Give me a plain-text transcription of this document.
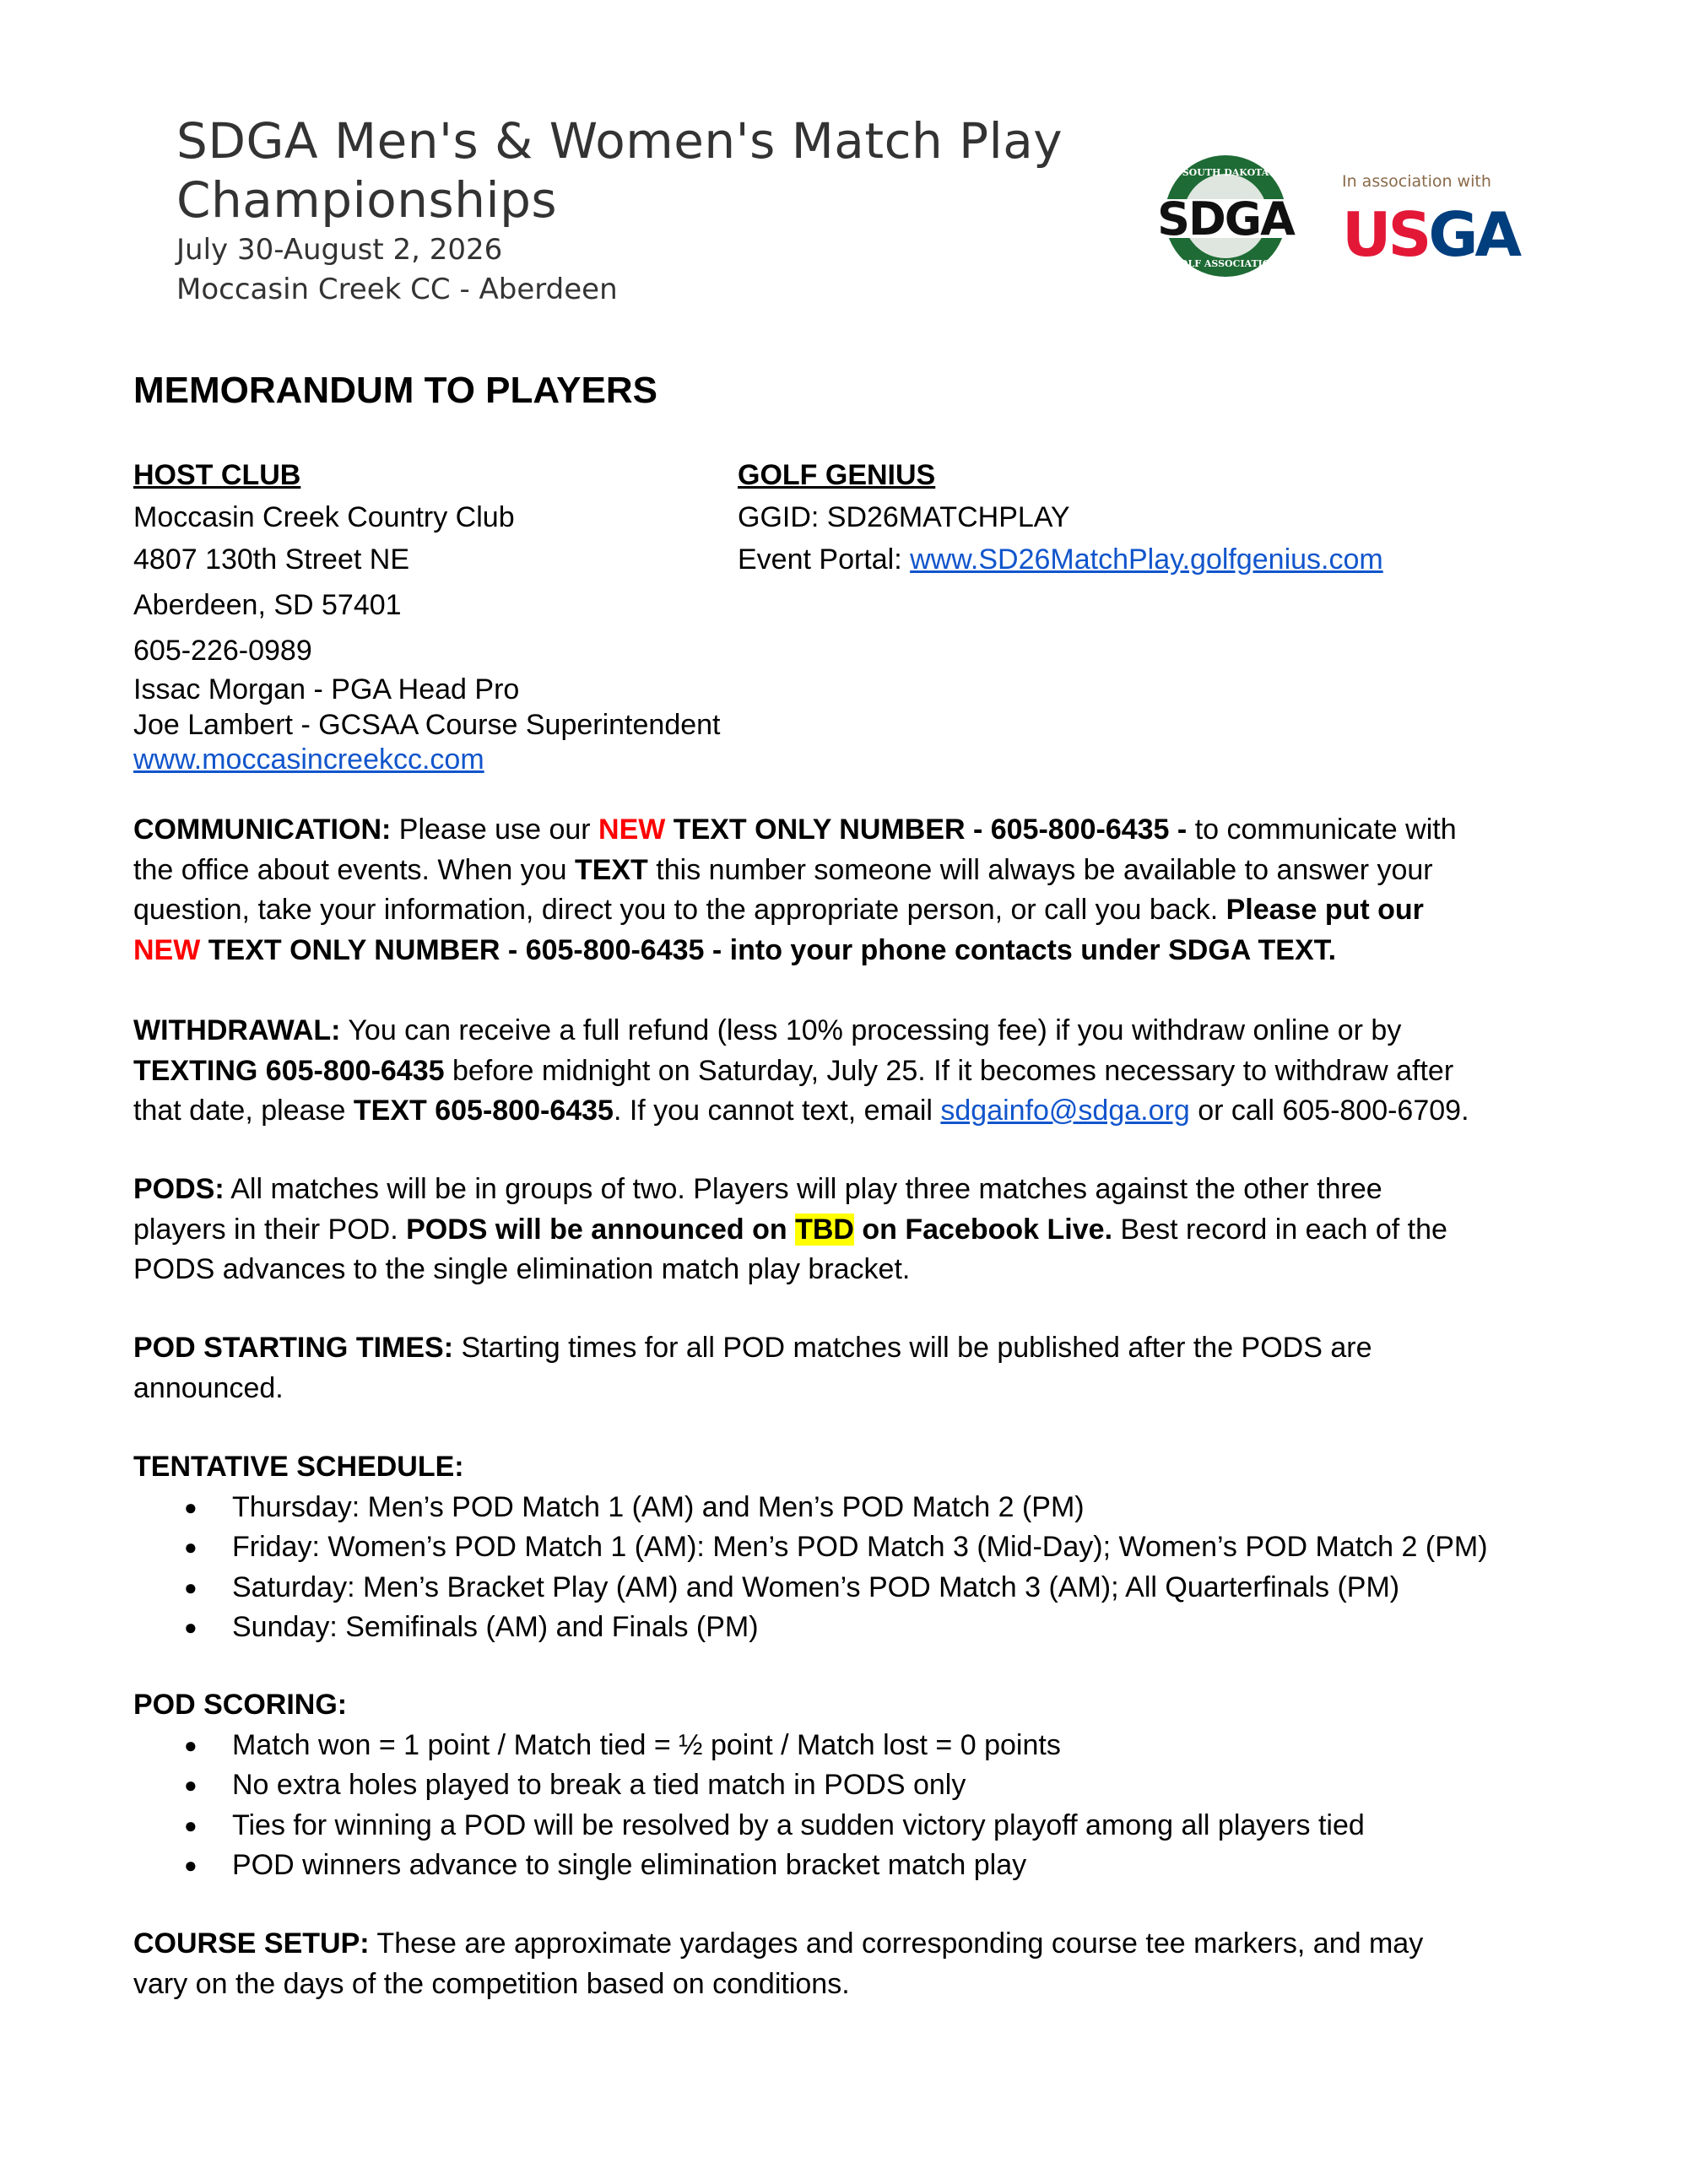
SDGA Men's & Women's Match Play
Championships
July 30-August 2, 2026
Moccasin Creek CC - Aberdeen
SDGA
SOUTH DAKOTA
GOLF ASSOCIATION
In association with
USGA
MEMORANDUM TO PLAYERS
HOST CLUB
Moccasin Creek Country Club
4807 130th Street NE
Aberdeen, SD 57401
605-226-0989
Issac Morgan - PGA Head Pro
Joe Lambert - GCSAA Course Superintendent
www.moccasincreekcc.com
GOLF GENIUS
GGID: SD26MATCHPLAY
Event Portal: www.SD26MatchPlay.golfgenius.com
COMMUNICATION: Please use our NEW TEXT ONLY NUMBER - 605-800-6435 - to communicate with
the office about events. When you TEXT this number someone will always be available to answer your
question, take your information, direct you to the appropriate person, or call you back. Please put our
NEW TEXT ONLY NUMBER - 605-800-6435 - into your phone contacts under SDGA TEXT.
WITHDRAWAL: You can receive a full refund (less 10% processing fee) if you withdraw online or by
TEXTING 605-800-6435 before midnight on Saturday, July 25. If it becomes necessary to withdraw after
that date, please TEXT 605-800-6435. If you cannot text, email sdgainfo@sdga.org or call 605-800-6709.
PODS: All matches will be in groups of two. Players will play three matches against the other three
players in their POD. PODS will be announced on TBD on Facebook Live. Best record in each of the
PODS advances to the single elimination match play bracket.
POD STARTING TIMES: Starting times for all POD matches will be published after the PODS are
announced.
TENTATIVE SCHEDULE:
● Thursday: Men’s POD Match 1 (AM) and Men’s POD Match 2 (PM)
● Friday: Women’s POD Match 1 (AM): Men’s POD Match 3 (Mid-Day); Women’s POD Match 2 (PM)
● Saturday: Men’s Bracket Play (AM) and Women’s POD Match 3 (AM); All Quarterfinals (PM)
● Sunday: Semifinals (AM) and Finals (PM)
POD SCORING:
● Match won = 1 point / Match tied = ½ point / Match lost = 0 points
● No extra holes played to break a tied match in PODS only
● Ties for winning a POD will be resolved by a sudden victory playoff among all players tied
● POD winners advance to single elimination bracket match play
COURSE SETUP: These are approximate yardages and corresponding course tee markers, and may
vary on the days of the competition based on conditions.
